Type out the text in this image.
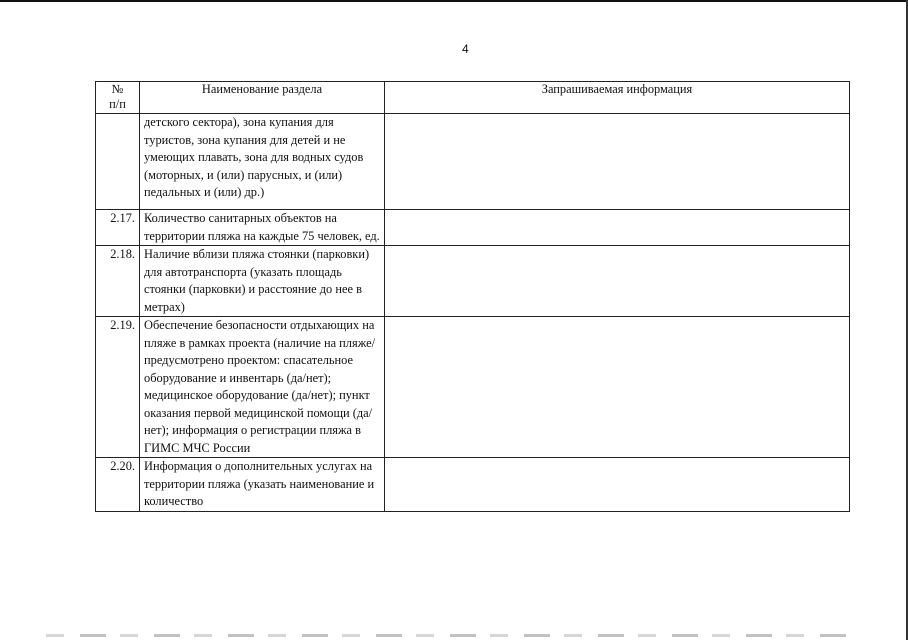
4
№
п/п	Наименование раздела	Запрашиваемая информация
	детского сектора), зона купания для туристов, зона купания для детей и не умеющих плавать, зона для водных судов (моторных, и (или) парусных, и (или) педальных и (или) др.)	
2.17.	Количество санитарных объектов на территории пляжа на каждые 75 человек, ед.	
2.18.	Наличие вблизи пляжа стоянки (парковки) для автотранспорта (указать площадь стоянки (парковки) и расстояние до нее в метрах)	
2.19.	Обеспечение безопасности отдыхающих на пляже в рамках проекта (наличие на пляже/предусмотрено проектом: спасательное оборудование и инвентарь (да/нет); медицинское оборудование (да/нет); пункт оказания первой медицинской помощи (да/нет); информация о регистрации пляжа в ГИМС МЧС России	
2.20.	Информация о дополнительных услугах на территории пляжа (указать наименование и количество	
